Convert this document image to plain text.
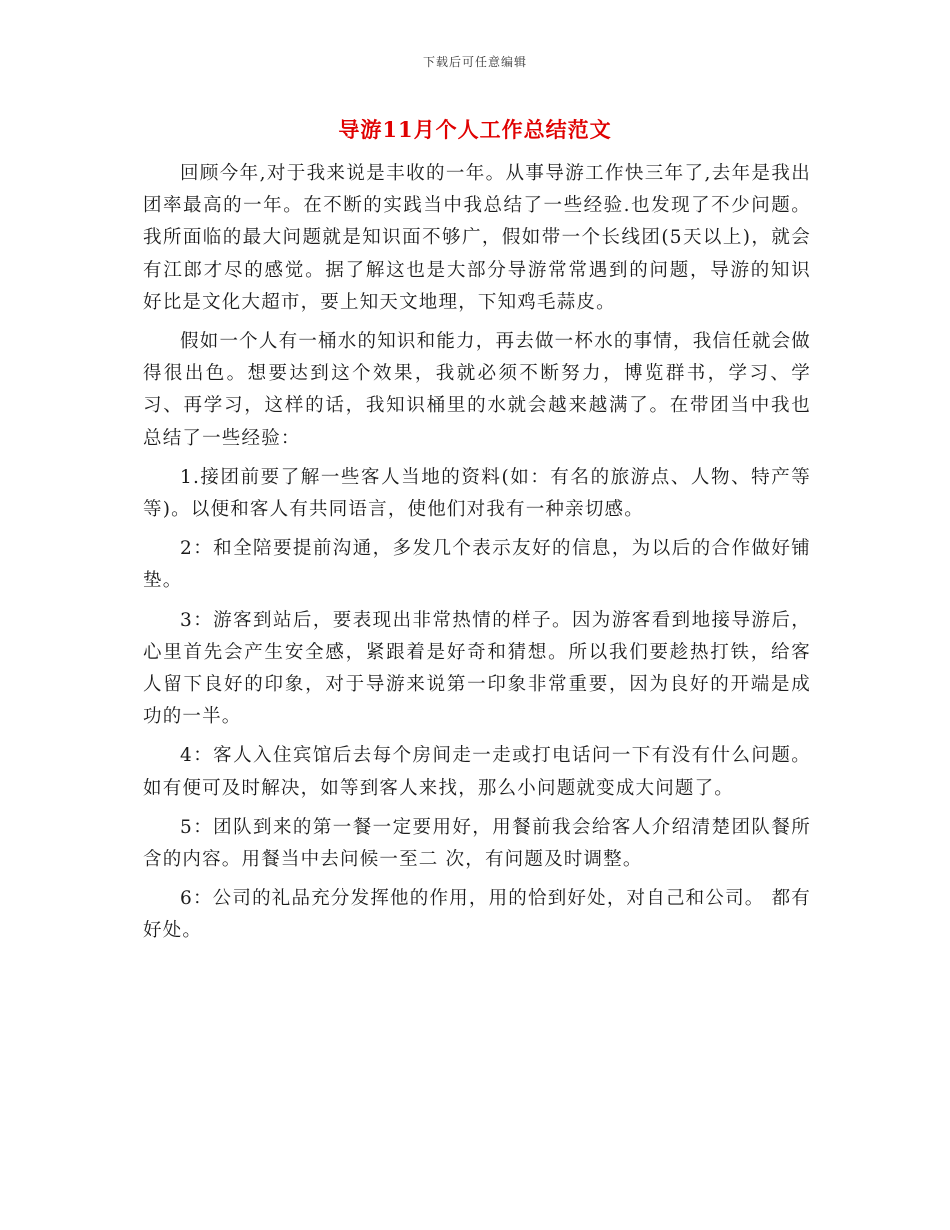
下载后可任意编辑
导游11月个人工作总结范文

回顾今年,对于我来说是丰收的一年。从事导游工作快三年了,去年是我出团率最高的一年。在不断的实践当中我总结了一些经验.也发现了不少问题。我所面临的最大问题就是知识面不够广，假如带一个长线团(5天以上)，就会有江郎才尽的感觉。据了解这也是大部分导游常常遇到的问题，导游的知识好比是文化大超市，要上知天文地理，下知鸡毛蒜皮。

假如一个人有一桶水的知识和能力，再去做一杯水的事情，我信任就会做得很出色。想要达到这个效果，我就必须不断努力，博览群书，学习、学习、再学习，这样的话，我知识桶里的水就会越来越满了。在带团当中我也总结了一些经验：

1.接团前要了解一些客人当地的资料(如：有名的旅游点、人物、特产等等)。以便和客人有共同语言，使他们对我有一种亲切感。

2：和全陪要提前沟通，多发几个表示友好的信息，为以后的合作做好铺垫。

3：游客到站后，要表现出非常热情的样子。因为游客看到地接导游后，心里首先会产生安全感，紧跟着是好奇和猜想。所以我们要趁热打铁，给客人留下良好的印象，对于导游来说第一印象非常重要，因为良好的开端是成功的一半。

4：客人入住宾馆后去每个房间走一走或打电话问一下有没有什么问题。如有便可及时解决，如等到客人来找，那么小问题就变成大问题了。

5：团队到来的第一餐一定要用好，用餐前我会给客人介绍清楚团队餐所含的内容。用餐当中去问候一至二 次，有问题及时调整。

6：公司的礼品充分发挥他的作用，用的恰到好处，对自己和公司。 都有好处。
